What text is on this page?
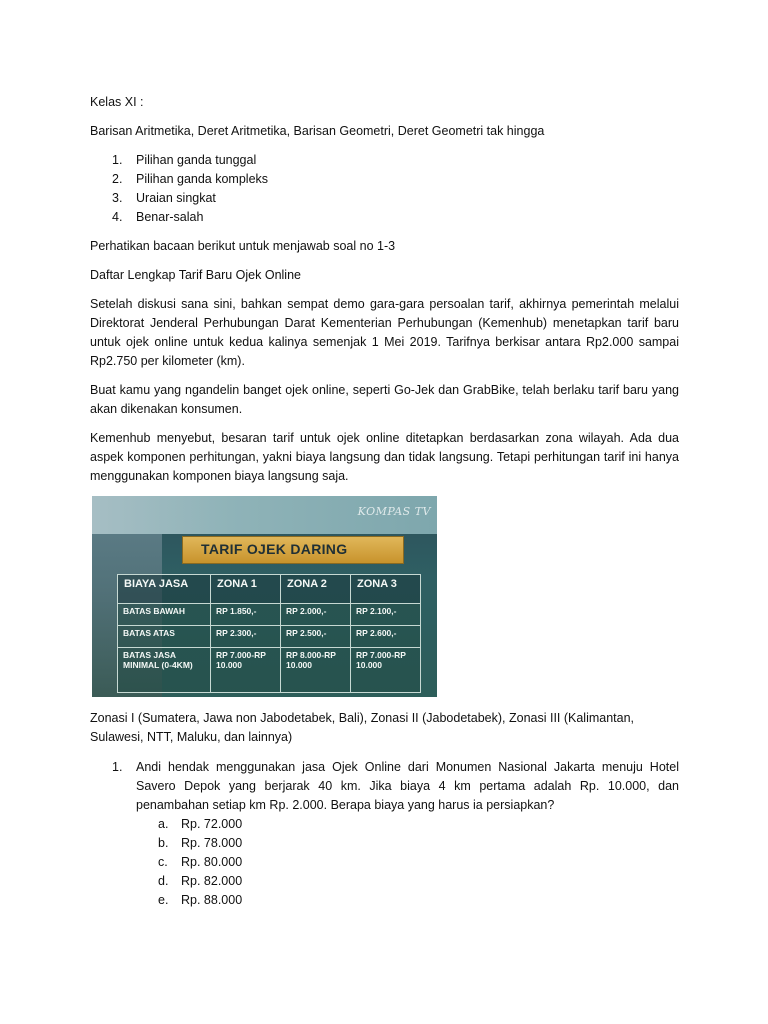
Kelas XI :

Barisan Aritmetika, Deret Aritmetika, Barisan Geometri, Deret Geometri tak hingga

1. Pilihan ganda tunggal
2. Pilihan ganda kompleks
3. Uraian singkat
4. Benar-salah

Perhatikan bacaan berikut untuk menjawab soal no 1-3

Daftar Lengkap Tarif Baru Ojek Online

Setelah diskusi sana sini, bahkan sempat demo gara-gara persoalan tarif, akhirnya pemerintah melalui Direktorat Jenderal Perhubungan Darat Kementerian Perhubungan (Kemenhub) menetapkan tarif baru untuk ojek online untuk kedua kalinya semenjak 1 Mei 2019. Tarifnya berkisar antara Rp2.000 sampai Rp2.750 per kilometer (km).

Buat kamu yang ngandelin banget ojek online, seperti Go-Jek dan GrabBike, telah berlaku tarif baru yang akan dikenakan konsumen.

Kemenhub menyebut, besaran tarif untuk ojek online ditetapkan berdasarkan zona wilayah. Ada dua aspek komponen perhitungan, yakni biaya langsung dan tidak langsung. Tetapi perhitungan tarif ini hanya menggunakan komponen biaya langsung saja.

KOMPAS TV
TARIF OJEK DARING
BIAYA JASA	ZONA 1	ZONA 2	ZONA 3
BATAS BAWAH	RP 1.850,-	RP 2.000,-	RP 2.100,-
BATAS ATAS	RP 2.300,-	RP 2.500,-	RP 2.600,-
BATAS JASA MINIMAL (0-4KM)	RP 7.000-RP 10.000	RP 8.000-RP 10.000	RP 7.000-RP 10.000

Zonasi I (Sumatera, Jawa non Jabodetabek, Bali), Zonasi II (Jabodetabek), Zonasi III (Kalimantan, Sulawesi, NTT, Maluku, dan lainnya)

1. Andi hendak menggunakan jasa Ojek Online dari Monumen Nasional Jakarta menuju Hotel Savero Depok yang berjarak 40 km. Jika biaya 4 km pertama adalah Rp. 10.000, dan penambahan setiap km Rp. 2.000. Berapa biaya yang harus ia persiapkan?

a. Rp. 72.000
b. Rp. 78.000
c. Rp. 80.000
d. Rp. 82.000
e. Rp. 88.000
